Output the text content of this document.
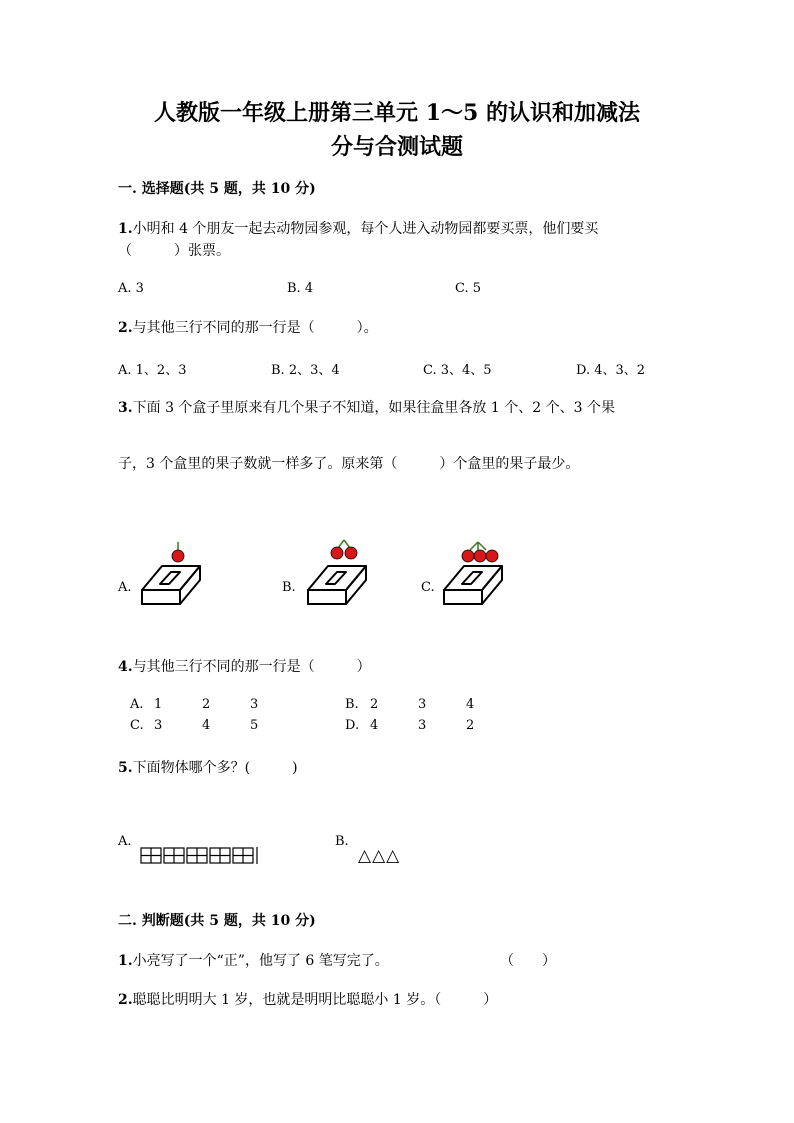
人教版一年级上册第三单元 1～5 的认识和加减法
分与合测试题
一. 选择题(共 5 题，共 10 分)
1.小明和 4 个朋友一起去动物园参观，每个人进入动物园都要买票，他们要买
（　　　）张票。
A. 3	B. 4	C. 5
2.与其他三行不同的那一行是（　　　）。
A. 1、2、3	B. 2、3、4	C. 3、4、5	D. 4、3、2
3.下面 3 个盒子里原来有几个果子不知道，如果往盒里各放 1 个、2 个、3 个果
子，3 个盒里的果子数就一样多了。原来第（　　　）个盒里的果子最少。
A.	B.	C.
4.与其他三行不同的那一行是（　　　）
A. 1	2	3	B. 2	3	4
C. 3	4	5	D. 4	3	2
5.下面物体哪个多？(　　　)
A.	B.
△△△
二. 判断题(共 5 题，共 10 分)
1.小亮写了一个“正”，他写了 6 笔写完了。	（　　）
2.聪聪比明明大 1 岁，也就是明明比聪聪小 1 岁。（　　　）
